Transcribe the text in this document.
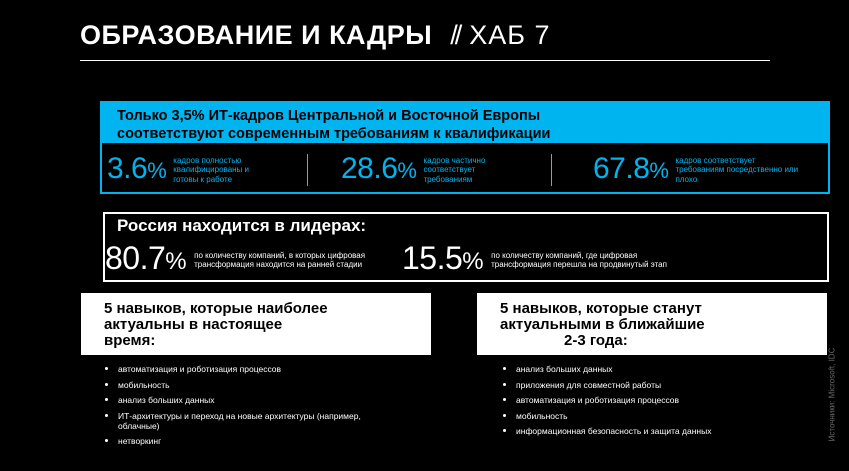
ОБРАЗОВАНИЕ И КАДРЫ // ХАБ 7
Только 3,5% ИТ-кадров Центральной и Восточной Европы
соответствуют современным требованиям к квалификации
3.6% кадров полностью квалифицированы и готовы к работе	28.6% кадров частично соответствует требованиям	67.8% кадров соответствует требованиям посредственно или плохо
Россия находится в лидерах:
80.7% по количеству компаний, в которых цифровая трансформация находится на ранней стадии	15.5% по количеству компаний, где цифровая трансформация перешла на продвинутый этап
5 навыков, которые наиболее
актуальны в настоящее
время:
автоматизация и роботизация процессов
мобильность
анализ больших данных
ИТ-архитектуры и переход на новые архитектуры (например, облачные)
нетворкинг
5 навыков, которые станут
актуальными в ближайшие
2-3 года:
анализ больших данных
приложения для совместной работы
автоматизация и роботизация процессов
мобильность
информационная безопасность и защита данных	Источники: Microsoft, IDC
